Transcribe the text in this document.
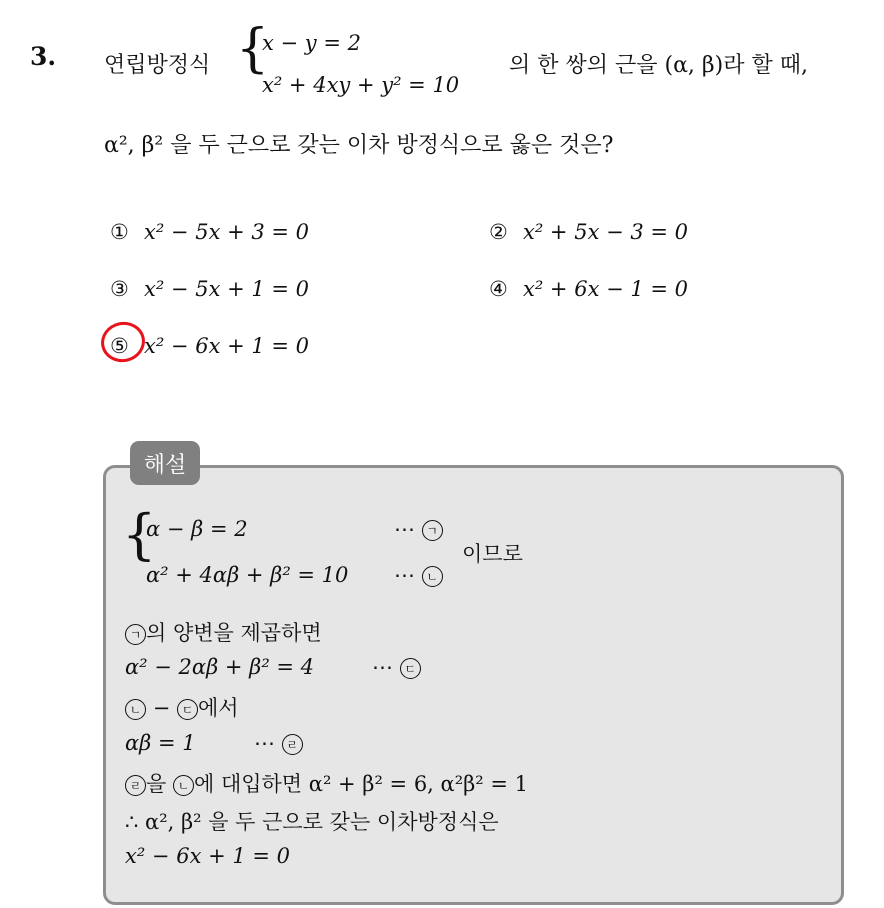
3. 연립방정식 {
x − y = 2
x² + 4xy + y² = 10
의 한 쌍의 근을 (α, β)라 할 때,
α², β² 을 두 근으로 갖는 이차 방정식으로 옳은 것은?
① x² − 5x + 3 = 0	② x² + 5x − 3 = 0
③ x² − 5x + 1 = 0	④ x² + 6x − 1 = 0
⑤ x² − 6x + 1 = 0
해설
{
α − β = 2	⋯ ㄱ
α² + 4αβ + β² = 10 ⋯ ㄴ
이므로
ㄱ 의 양변을 제곱하면
α² − 2αβ + β² = 4	⋯ ㄷ
ㄴ − ㄷ 에서
αβ = 1	⋯ ㄹ
ㄹ 을 ㄴ 에 대입하면 α² + β² = 6, α²β² = 1
∴ α², β² 을 두 근으로 갖는 이차방정식은
x² − 6x + 1 = 0
